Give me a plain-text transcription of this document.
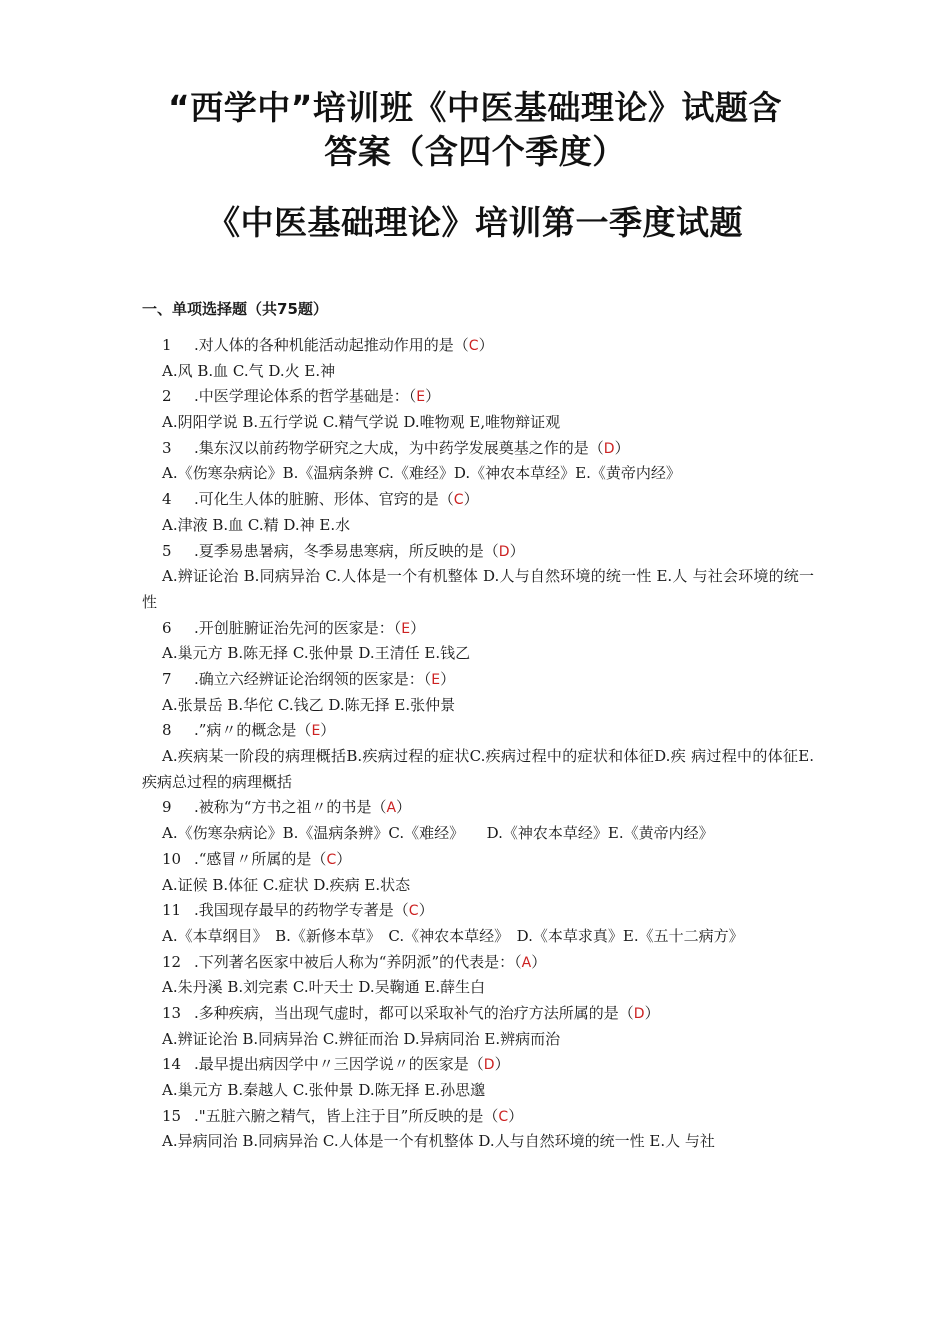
“西学中”培训班《中医基础理论》试题含
答案（含四个季度）
《中医基础理论》培训第一季度试题
一、单项选择题（共75题）
1 .对人体的各种机能活动起推动作用的是（C）
A.风 B.血 C.气 D.火 E.神
2 .中医学理论体系的哲学基础是：（E）
A.阴阳学说 B.五行学说 C.精气学说 D.唯物观 E,唯物辩证观
3 .集东汉以前药物学研究之大成，为中药学发展奠基之作的是（D）
A.《伤寒杂病论》B.《温病条辨 C.《难经》D.《神农本草经》E.《黄帝内经》
4 .可化生人体的脏腑、形体、官窍的是（C）
A.津液 B.血 C.精 D.神 E.水
5 .夏季易患暑病，冬季易患寒病，所反映的是（D）
A.辨证论治 B.同病异治 C.人体是一个有机整体 D.人与自然环境的统一性 E.人 与社会环境的统一性
6 .开创脏腑证治先河的医家是：（E）
A.巢元方 B.陈无择 C.张仲景 D.王清任 E.钱乙
7 .确立六经辨证论治纲领的医家是：（E）
A.张景岳 B.华佗 C.钱乙 D.陈无择 E.张仲景
8 .”病〃的概念是（E）
A.疾病某一阶段的病理概括B.疾病过程的症状C.疾病过程中的症状和体征D.疾 病过程中的体征E.疾病总过程的病理概括
9 .被称为“方书之祖〃的书是（A）
A.《伤寒杂病论》B.《温病条辨》C.《难经》　　D.《神农本草经》E.《黄帝内经》
10 .“感冒〃所属的是（C）
A.证候 B.体征 C.症状 D.疾病 E.状态
11 .我国现存最早的药物学专著是（C）
A.《本草纲目》　B.《新修本草》　C.《神农本草经》　D.《本草求真》E.《五十二病方》
12 .下列著名医家中被后人称为“养阴派”的代表是：（A）
A.朱丹溪 B.刘完素 C.叶天士 D.吴鞠通 E.薛生白
13 .多种疾病，当出现气虚时，都可以采取补气的治疗方法所属的是（D）
A.辨证论治 B.同病异治 C.辨征而治 D.异病同治 E.辨病而治
14 .最早提出病因学中〃三因学说〃的医家是（D）
A.巢元方 B.秦越人 C.张仲景 D.陈无择 E.孙思邈
15 ."五脏六腑之精气，皆上注于目”所反映的是（C）
A.异病同治 B.同病异治 C.人体是一个有机整体 D.人与自然环境的统一性 E.人 与社
